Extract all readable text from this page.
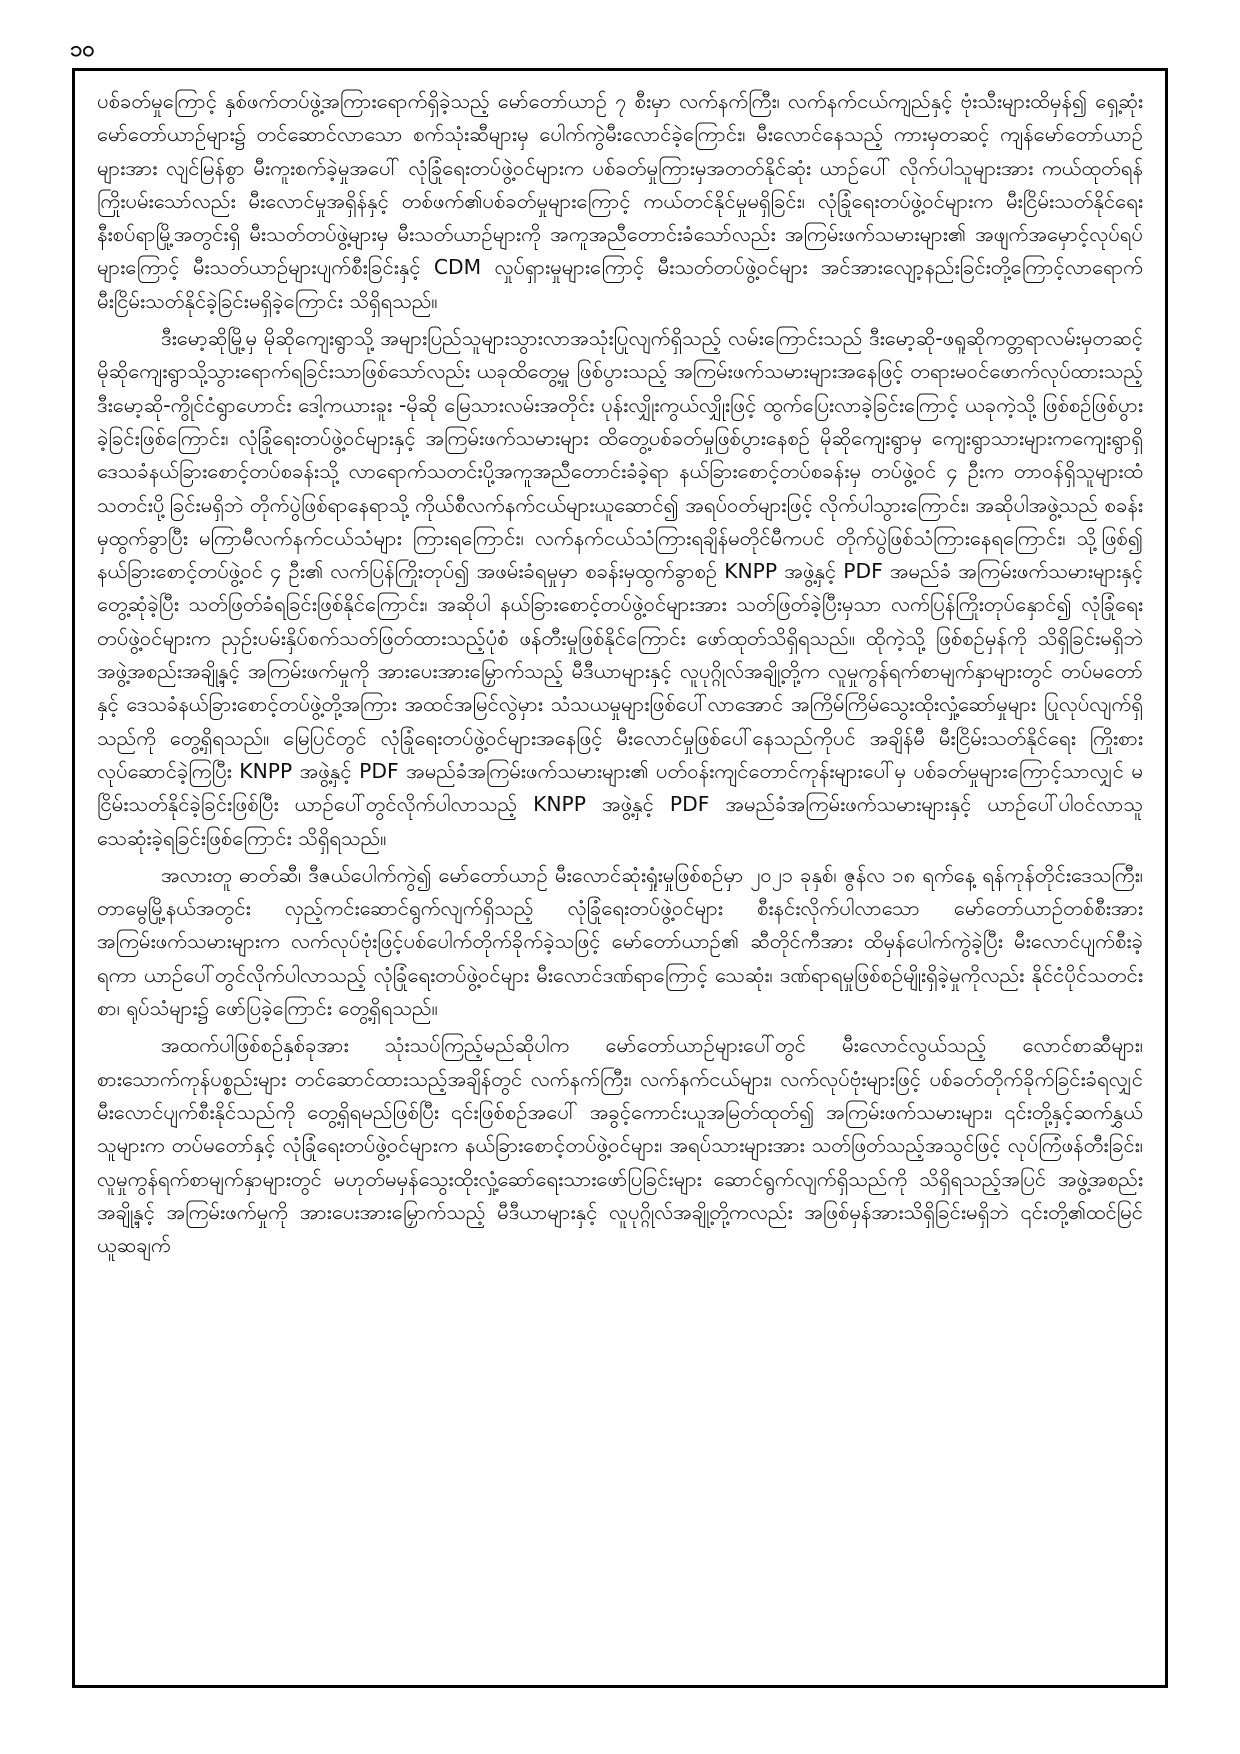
၁၀

ပစ်ခတ်မှုကြောင့် နှစ်ဖက်တပ်ဖွဲ့အကြားရောက်ရှိခဲ့သည့် မော်တော်ယာဉ် ၇ စီးမှာ လက်နက်ကြီး၊ လက်နက်ငယ်ကျည်နှင့် ဗုံးသီးများထိမှန်၍ ရှေ့ဆုံးမော်တော်ယာဉ်များ၌ တင်ဆောင်လာသော စက်သုံးဆီများမှ ပေါက်ကွဲမီးလောင်ခဲ့ကြောင်း၊ မီးလောင်နေသည့် ကားမှတဆင့် ကျန်မော်တော်ယာဉ်များအား လျင်မြန်စွာ မီးကူးစက်ခဲ့မှုအပေါ် လုံခြုံရေးတပ်ဖွဲ့ဝင်များက ပစ်ခတ်မှုကြားမှအတတ်နိုင်ဆုံး ယာဉ်ပေါ် လိုက်ပါသူများအား ကယ်ထုတ်ရန်ကြိုးပမ်းသော်လည်း မီးလောင်မှုအရှိန်နှင့် တစ်ဖက်၏ပစ်ခတ်မှုများကြောင့် ကယ်တင်နိုင်မှုမရှိခြင်း၊ လုံခြုံရေးတပ်ဖွဲ့ဝင်များက မီးငြိမ်းသတ်နိုင်ရေး နီးစပ်ရာမြို့အတွင်းရှိ မီးသတ်တပ်ဖွဲ့များမှ မီးသတ်ယာဉ်များကို အကူအညီတောင်းခံသော်လည်း အကြမ်းဖက်သမားများ၏ အဖျက်အမှောင့်လုပ်ရပ်များကြောင့် မီးသတ်ယာဉ်များပျက်စီးခြင်းနှင့် CDM လှုပ်ရှားမှုများကြောင့် မီးသတ်တပ်ဖွဲ့ဝင်များ အင်အားလျော့နည်းခြင်းတို့ကြောင့်လာရောက် မီးငြိမ်းသတ်နိုင်ခဲ့ခြင်းမရှိခဲ့ကြောင်း သိရှိရသည်။

ဒီးမော့ဆိုမြို့မှ မိုဆိုကျေးရွာသို့ အများပြည်သူများသွားလာအသုံးပြုလျက်ရှိသည့် လမ်းကြောင်းသည် ဒီးမော့ဆို-ဖရူဆိုကတ္တရာလမ်းမှတဆင့် မိုဆိုကျေးရွာသို့သွားရောက်ရခြင်းသာဖြစ်သော်လည်း ယခုထိတွေ့မှု ဖြစ်ပွားသည့် အကြမ်းဖက်သမားများအနေဖြင့် တရားမဝင်ဖောက်လုပ်ထားသည့် ဒီးမော့ဆို-ကွိုင်ငံရွာဟောင်း ဒေါ့ကယားခူး -မိုဆို မြေသားလမ်းအတိုင်း ပုန်းလျှိုးကွယ်လျှိုးဖြင့် ထွက်ပြေးလာခဲ့ခြင်းကြောင့် ယခုကဲ့သို့ ဖြစ်စဉ်ဖြစ်ပွားခဲ့ခြင်းဖြစ်ကြောင်း၊ လုံခြုံရေးတပ်ဖွဲ့ဝင်များနှင့် အကြမ်းဖက်သမားများ ထိတွေ့ပစ်ခတ်မှုဖြစ်ပွားနေစဉ် မိုဆိုကျေးရွာမှ ကျေးရွာသားများကကျေးရွာရှိ ဒေသခံနယ်ခြားစောင့်တပ်စခန်းသို့ လာရောက်သတင်းပို့အကူအညီတောင်းခံခဲ့ရာ နယ်ခြားစောင့်တပ်စခန်းမှ တပ်ဖွဲ့ဝင် ၄ ဦးက တာဝန်ရှိသူများထံ သတင်းပို့ခြင်းမရှိဘဲ တိုက်ပွဲဖြစ်ရာနေရာသို့ ကိုယ်စီလက်နက်ငယ်များယူဆောင်၍ အရပ်ဝတ်များဖြင့် လိုက်ပါသွားကြောင်း၊ အဆိုပါအဖွဲ့သည် စခန်းမှထွက်ခွာပြီး မကြာမီလက်နက်ငယ်သံများ ကြားရကြောင်း၊ လက်နက်ငယ်သံကြားရချိန်မတိုင်မီကပင် တိုက်ပွဲဖြစ်သံကြားနေရကြောင်း၊ သို့ဖြစ်၍ နယ်ခြားစောင့်တပ်ဖွဲ့ဝင် ၄ ဦး၏ လက်ပြန်ကြိုးတုပ်၍ အဖမ်းခံရမှုမှာ စခန်းမှထွက်ခွာစဉ် KNPP အဖွဲ့နှင့် PDF အမည်ခံ အကြမ်းဖက်သမားများနှင့် တွေ့ဆုံခဲ့ပြီး သတ်ဖြတ်ခံရခြင်းဖြစ်နိုင်ကြောင်း၊ အဆိုပါ နယ်ခြားစောင့်တပ်ဖွဲ့ဝင်များအား သတ်ဖြတ်ခဲ့ပြီးမှသာ လက်ပြန်ကြိုးတုပ်နှောင်၍ လုံခြုံရေးတပ်ဖွဲ့ဝင်များက ညှဉ်းပမ်းနှိပ်စက်သတ်ဖြတ်ထားသည့်ပုံစံ ဖန်တီးမှုဖြစ်နိုင်ကြောင်း ဖော်ထုတ်သိရှိရသည်။ ထိုကဲ့သို့ ဖြစ်စဉ်မှန်ကို သိရှိခြင်းမရှိဘဲ အဖွဲ့အစည်းအချို့နှင့် အကြမ်းဖက်မှုကို အားပေးအားမြှောက်သည့် မီဒီယာများနှင့် လူပုဂ္ဂိုလ်အချို့တို့က လူမှုကွန်ရက်စာမျက်နှာများတွင် တပ်မတော်နှင့် ဒေသခံနယ်ခြားစောင့်တပ်ဖွဲ့တို့အကြား အထင်အမြင်လွဲမှား သံသယမှုများဖြစ်ပေါ်လာအောင် အကြိမ်ကြိမ်သွေးထိုးလှုံ့ဆော်မှုများ ပြုလုပ်လျက်ရှိသည်ကို တွေ့ရှိရသည်။ မြေပြင်တွင် လုံခြုံရေးတပ်ဖွဲ့ဝင်များအနေဖြင့် မီးလောင်မှုဖြစ်ပေါ်နေသည်ကိုပင် အချိန်မီ မီးငြိမ်းသတ်နိုင်ရေး ကြိုးစားလုပ်ဆောင်ခဲ့ကြပြီး KNPP အဖွဲ့နှင့် PDF အမည်ခံအကြမ်းဖက်သမားများ၏ ပတ်ဝန်းကျင်တောင်ကုန်းများပေါ်မှ ပစ်ခတ်မှုများကြောင့်သာလျှင် မငြိမ်းသတ်နိုင်ခဲ့ခြင်းဖြစ်ပြီး ယာဉ်ပေါ်တွင်လိုက်ပါလာသည့် KNPP အဖွဲ့နှင့် PDF အမည်ခံအကြမ်းဖက်သမားများနှင့် ယာဉ်ပေါ်ပါဝင်လာသူ သေဆုံးခဲ့ရခြင်းဖြစ်ကြောင်း သိရှိရသည်။

အလားတူ ဓာတ်ဆီ၊ ဒီဇယ်ပေါက်ကွဲ၍ မော်တော်ယာဉ် မီးလောင်ဆုံးရှုံးမှုဖြစ်စဉ်မှာ ၂၀၂၁ ခုနှစ်၊ ဇွန်လ ၁၈ ရက်နေ့ ရန်ကုန်တိုင်းဒေသကြီး၊ တာမွေမြို့နယ်အတွင်း လှည့်ကင်းဆောင်ရွက်လျက်ရှိသည့် လုံခြုံရေးတပ်ဖွဲ့ဝင်များ စီးနင်းလိုက်ပါလာသော မော်တော်ယာဉ်တစ်စီးအား အကြမ်းဖက်သမားများက လက်လုပ်ဗုံးဖြင့်ပစ်ပေါက်တိုက်ခိုက်ခဲ့သဖြင့် မော်တော်ယာဉ်၏ ဆီတိုင်ကီအား ထိမှန်ပေါက်ကွဲခဲ့ပြီး မီးလောင်ပျက်စီးခဲ့ရကာ ယာဉ်ပေါ်တွင်လိုက်ပါလာသည့် လုံခြုံရေးတပ်ဖွဲ့ဝင်များ မီးလောင်ဒဏ်ရာကြောင့် သေဆုံး၊ ဒဏ်ရာရမှုဖြစ်စဉ်မျိုးရှိခဲ့မှုကိုလည်း နိုင်ငံပိုင်သတင်းစာ၊ ရုပ်သံများ၌ ဖော်ပြခဲ့ကြောင်း တွေ့ရှိရသည်။

အထက်ပါဖြစ်စဉ်နှစ်ခုအား သုံးသပ်ကြည့်မည်ဆိုပါက မော်တော်ယာဉ်များပေါ်တွင် မီးလောင်လွယ်သည့် လောင်စာဆီများ၊ စားသောက်ကုန်ပစ္စည်းများ တင်ဆောင်ထားသည့်အချိန်တွင် လက်နက်ကြီး၊ လက်နက်ငယ်များ၊ လက်လုပ်ဗုံးများဖြင့် ပစ်ခတ်တိုက်ခိုက်ခြင်းခံရလျှင် မီးလောင်ပျက်စီးနိုင်သည်ကို တွေ့ရှိရမည်ဖြစ်ပြီး ၎င်းဖြစ်စဉ်အပေါ် အခွင့်ကောင်းယူအမြတ်ထုတ်၍ အကြမ်းဖက်သမားများ၊ ၎င်းတို့နှင့်ဆက်နွှယ်သူများက တပ်မတော်နှင့် လုံခြုံရေးတပ်ဖွဲ့ဝင်များက နယ်ခြားစောင့်တပ်ဖွဲ့ဝင်များ၊ အရပ်သားများအား သတ်ဖြတ်သည့်အသွင်ဖြင့် လုပ်ကြံဖန်တီးခြင်း၊ လူမှုကွန်ရက်စာမျက်နှာများတွင် မဟုတ်မမှန်သွေးထိုးလှုံ့ဆော်ရေးသားဖော်ပြခြင်းများ ဆောင်ရွက်လျက်ရှိသည်ကို သိရှိရသည့်အပြင် အဖွဲ့အစည်းအချို့နှင့် အကြမ်းဖက်မှုကို အားပေးအားမြှောက်သည့် မီဒီယာများနှင့် လူပုဂ္ဂိုလ်အချို့တို့ကလည်း အဖြစ်မှန်အားသိရှိခြင်းမရှိဘဲ ၎င်းတို့၏ထင်မြင်ယူဆချက်
